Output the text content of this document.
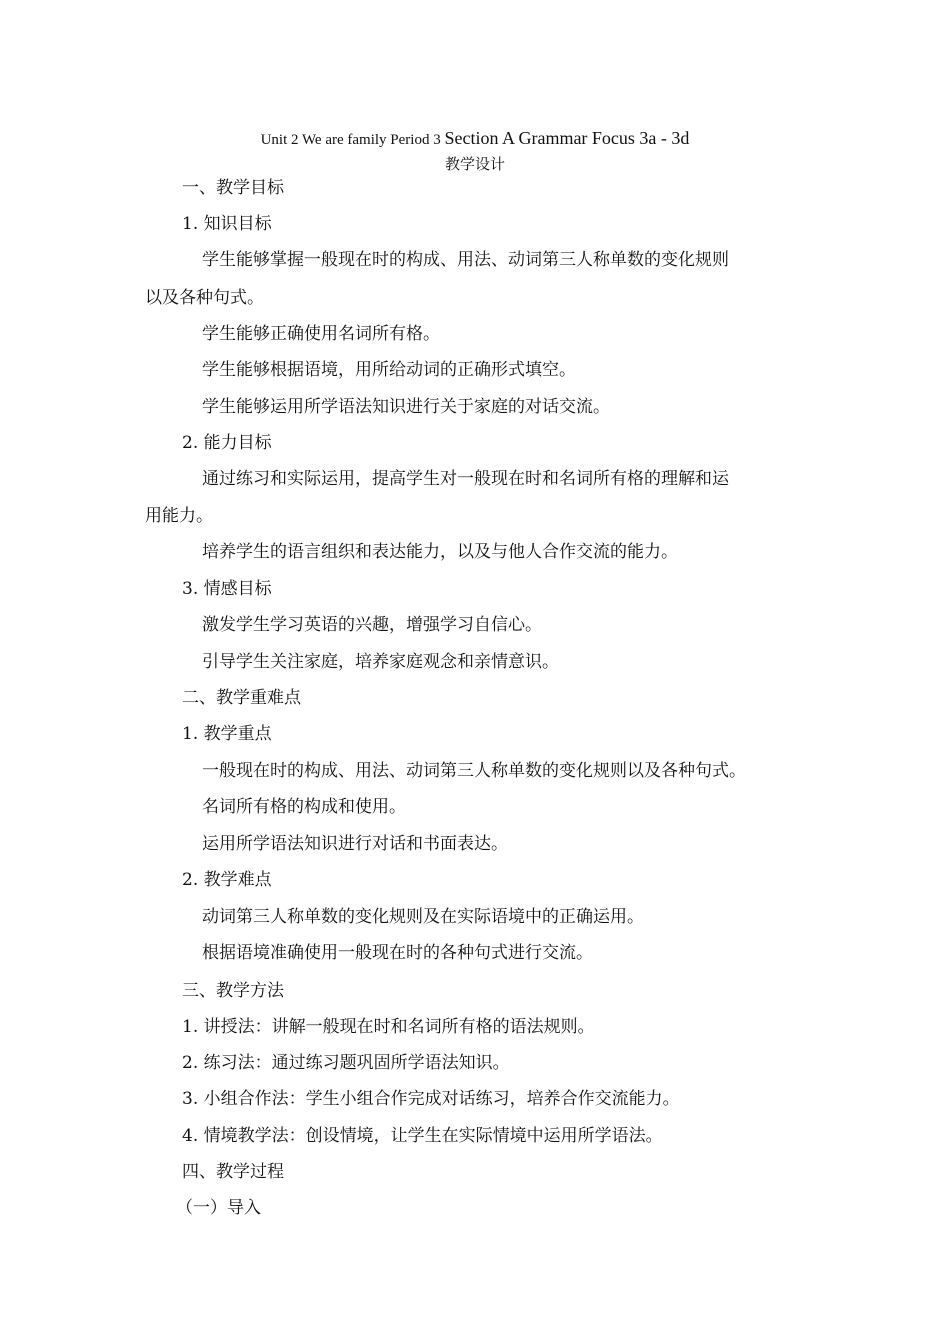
Unit 2 We are family Period 3 Section A Grammar Focus 3a - 3d
教学设计
一、教学目标
1. 知识目标
学生能够掌握一般现在时的构成、用法、动词第三人称单数的变化规则
以及各种句式。
学生能够正确使用名词所有格。
学生能够根据语境，用所给动词的正确形式填空。
学生能够运用所学语法知识进行关于家庭的对话交流。
2. 能力目标
通过练习和实际运用，提高学生对一般现在时和名词所有格的理解和运
用能力。
培养学生的语言组织和表达能力，以及与他人合作交流的能力。
3. 情感目标
激发学生学习英语的兴趣，增强学习自信心。
引导学生关注家庭，培养家庭观念和亲情意识。
二、教学重难点
1. 教学重点
一般现在时的构成、用法、动词第三人称单数的变化规则以及各种句式。
名词所有格的构成和使用。
运用所学语法知识进行对话和书面表达。
2. 教学难点
动词第三人称单数的变化规则及在实际语境中的正确运用。
根据语境准确使用一般现在时的各种句式进行交流。
三、教学方法
1. 讲授法：讲解一般现在时和名词所有格的语法规则。
2. 练习法：通过练习题巩固所学语法知识。
3. 小组合作法：学生小组合作完成对话练习，培养合作交流能力。
4. 情境教学法：创设情境，让学生在实际情境中运用所学语法。
四、教学过程
（一）导入
